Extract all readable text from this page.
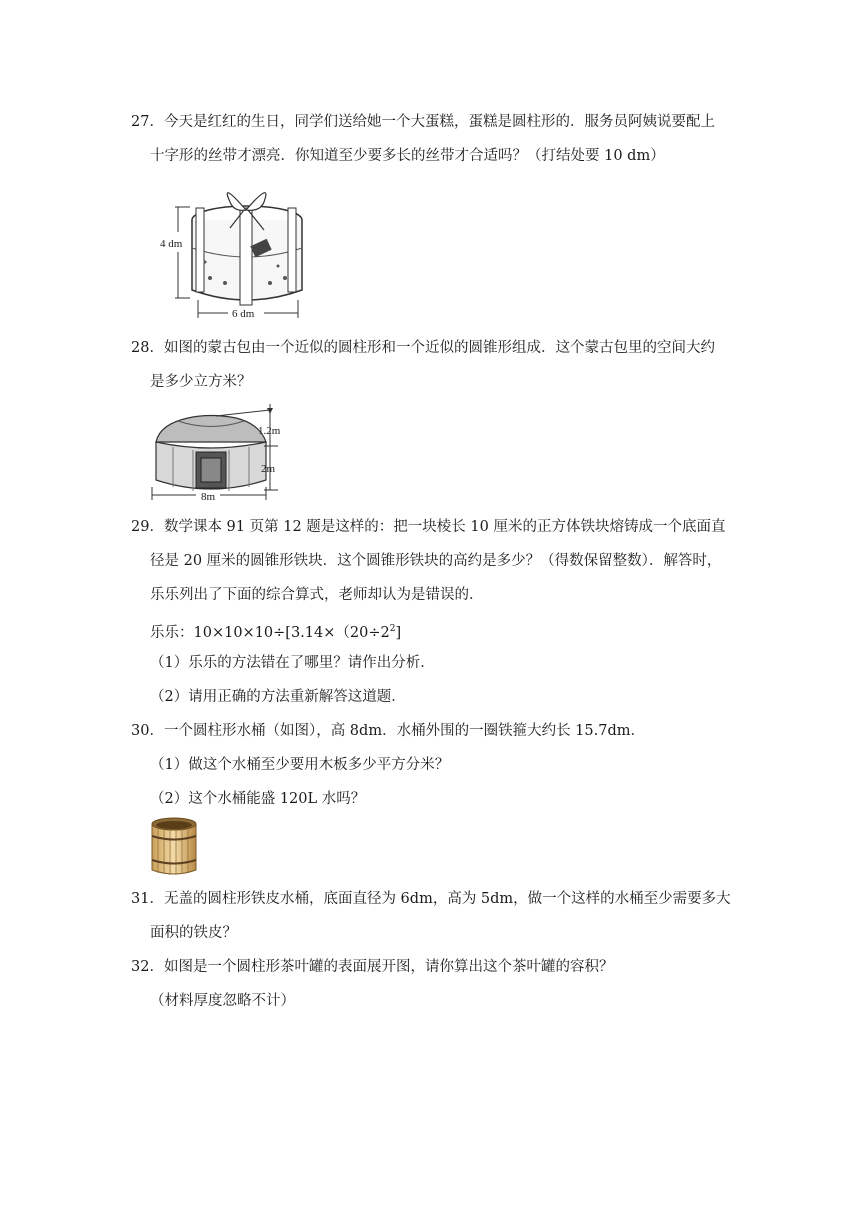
27．今天是红红的生日，同学们送给她一个大蛋糕，蛋糕是圆柱形的．服务员阿姨说要配上
十字形的丝带才漂亮．你知道至少要多长的丝带才合适吗？（打结处要 10 dm）
4 dm
6 dm
28．如图的蒙古包由一个近似的圆柱形和一个近似的圆锥形组成．这个蒙古包里的空间大约
是多少立方米？
1.2m
2m
8m
29．数学课本 91 页第 12 题是这样的：把一块棱长 10 厘米的正方体铁块熔铸成一个底面直
径是 20 厘米的圆锥形铁块．这个圆锥形铁块的高约是多少？（得数保留整数）．解答时，
乐乐列出了下面的综合算式，老师却认为是错误的．
乐乐：$10\times 10\times 10\div[3.14\times(20\div 2^2]$
（1）乐乐的方法错在了哪里？请作出分析．
（2）请用正确的方法重新解答这道题．
30．一个圆柱形水桶（如图），高 8dm．水桶外围的一圈铁箍大约长 15.7dm．
（1）做这个水桶至少要用木板多少平方分米？
（2）这个水桶能盛 120L 水吗？
31．无盖的圆柱形铁皮水桶，底面直径为 6dm，高为 5dm，做一个这样的水桶至少需要多大
面积的铁皮？
32．如图是一个圆柱形茶叶罐的表面展开图，请你算出这个茶叶罐的容积？
（材料厚度忽略不计）
